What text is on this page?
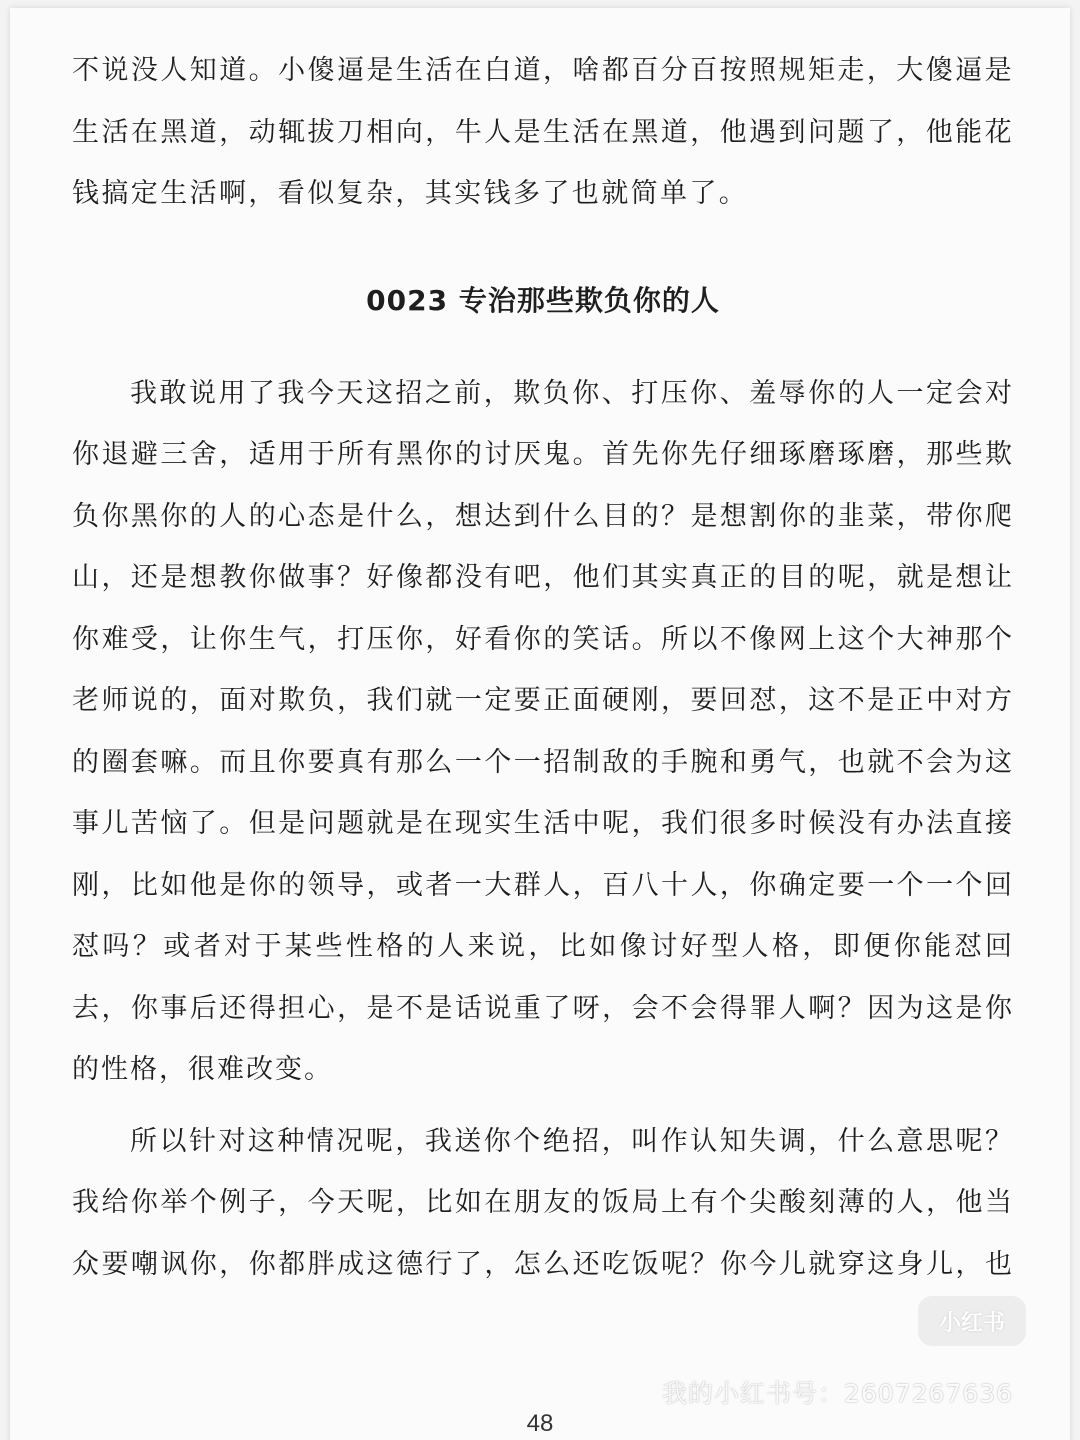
不说没人知道。小傻逼是生活在白道，啥都百分百按照规矩走，大傻逼是生活在黑道，动辄拔刀相向，牛人是生活在黑道，他遇到问题了，他能花钱搞定生活啊，看似复杂，其实钱多了也就简单了。

0023 专治那些欺负你的人

我敢说用了我今天这招之前，欺负你、打压你、羞辱你的人一定会对你退避三舍，适用于所有黑你的讨厌鬼。首先你先仔细琢磨琢磨，那些欺负你黑你的人的心态是什么，想达到什么目的？是想割你的韭菜，带你爬山，还是想教你做事？好像都没有吧，他们其实真正的目的呢，就是想让你难受，让你生气，打压你，好看你的笑话。所以不像网上这个大神那个老师说的，面对欺负，我们就一定要正面硬刚，要回怼，这不是正中对方的圈套嘛。而且你要真有那么一个一招制敌的手腕和勇气，也就不会为这事儿苦恼了。但是问题就是在现实生活中呢，我们很多时候没有办法直接刚，比如他是你的领导，或者一大群人，百八十人，你确定要一个一个回怼吗？或者对于某些性格的人来说，比如像讨好型人格，即便你能怼回去，你事后还得担心，是不是话说重了呀，会不会得罪人啊？因为这是你的性格，很难改变。

所以针对这种情况呢，我送你个绝招，叫作认知失调，什么意思呢？我给你举个例子，今天呢，比如在朋友的饭局上有个尖酸刻薄的人，他当众要嘲讽你，你都胖成这德行了，怎么还吃饭呢？你今儿就穿这身儿，也

小红书
我的小红书号：2607267636
48
